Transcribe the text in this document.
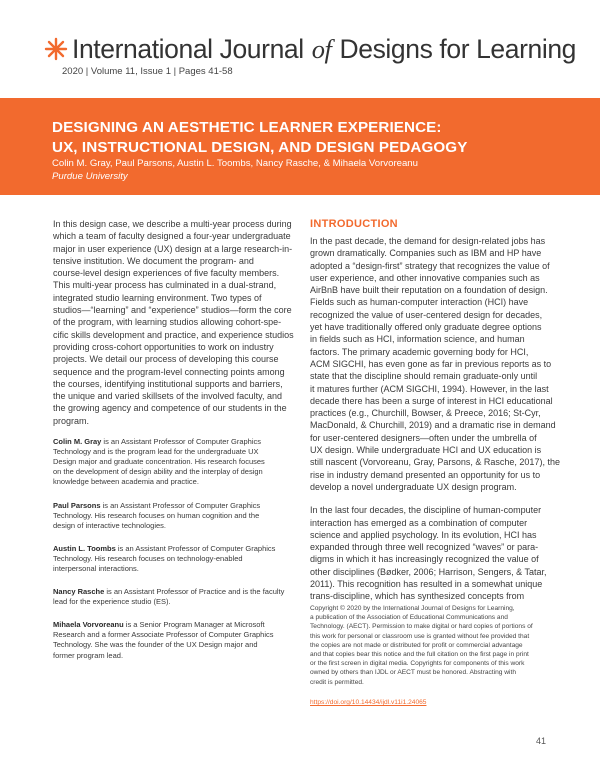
International Journal of Designs for Learning
2020 | Volume 11, Issue 1 | Pages 41-58
DESIGNING AN AESTHETIC LEARNER EXPERIENCE:
UX, INSTRUCTIONAL DESIGN, AND DESIGN PEDAGOGY
Colin M. Gray, Paul Parsons, Austin L. Toombs, Nancy Rasche, & Mihaela Vorvoreanu
Purdue University
In this design case, we describe a multi-year process during
which a team of faculty designed a four-year undergraduate
major in user experience (UX) design at a large research-in-
tensive institution. We document the program- and
course-level design experiences of five faculty members.
This multi-year process has culminated in a dual-strand,
integrated studio learning environment. Two types of
studios—“learning” and “experience” studios—form the core
of the program, with learning studios allowing cohort-spe-
cific skills development and practice, and experience studios
providing cross-cohort opportunities to work on industry
projects. We detail our process of developing this course
sequence and the program-level connecting points among
the courses, identifying institutional supports and barriers,
the unique and varied skillsets of the involved faculty, and
the growing agency and competence of our students in the
program.
Colin M. Gray is an Assistant Professor of Computer Graphics
Technology and is the program lead for the undergraduate UX
Design major and graduate concentration. His research focuses
on the development of design ability and the interplay of design
knowledge between academia and practice.
Paul Parsons is an Assistant Professor of Computer Graphics
Technology. His research focuses on human cognition and the
design of interactive technologies.
Austin L. Toombs is an Assistant Professor of Computer Graphics
Technology. His research focuses on technology-enabled
interpersonal interactions.
Nancy Rasche is an Assistant Professor of Practice and is the faculty
lead for the experience studio (ES).
Mihaela Vorvoreanu is a Senior Program Manager at Microsoft
Research and a former Associate Professor of Computer Graphics
Technology. She was the founder of the UX Design major and
former program lead.
INTRODUCTION
In the past decade, the demand for design-related jobs has
grown dramatically. Companies such as IBM and HP have
adopted a “design-first” strategy that recognizes the value of
user experience, and other innovative companies such as
AirBnB have built their reputation on a foundation of design.
Fields such as human-computer interaction (HCI) have
recognized the value of user-centered design for decades,
yet have traditionally offered only graduate degree options
in fields such as HCI, information science, and human
factors. The primary academic governing body for HCI,
ACM SIGCHI, has even gone as far in previous reports as to
state that the discipline should remain graduate-only until
it matures further (ACM SIGCHI, 1994). However, in the last
decade there has been a surge of interest in HCI educational
practices (e.g., Churchill, Bowser, & Preece, 2016; St-Cyr,
MacDonald, & Churchill, 2019) and a dramatic rise in demand
for user-centered designers—often under the umbrella of
UX design. While undergraduate HCI and UX education is
still nascent (Vorvoreanu, Gray, Parsons, & Rasche, 2017), the
rise in industry demand presented an opportunity for us to
develop a novel undergraduate UX design program.
In the last four decades, the discipline of human-computer
interaction has emerged as a combination of computer
science and applied psychology. In its evolution, HCI has
expanded through three well recognized “waves” or para-
digms in which it has increasingly recognized the value of
other disciplines (Bødker, 2006; Harrison, Sengers, & Tatar,
2011). This recognition has resulted in a somewhat unique
trans-discipline, which has synthesized concepts from
Copyright © 2020 by the International Journal of Designs for Learning,
a publication of the Association of Educational Communications and
Technology. (AECT). Permission to make digital or hard copies of portions of
this work for personal or classroom use is granted without fee provided that
the copies are not made or distributed for profit or commercial advantage
and that copies bear this notice and the full citation on the first page in print
or the first screen in digital media. Copyrights for components of this work
owned by others than IJDL or AECT must be honored. Abstracting with
credit is permitted.
https://doi.org/10.14434/ijdl.v11i1.24065
41
